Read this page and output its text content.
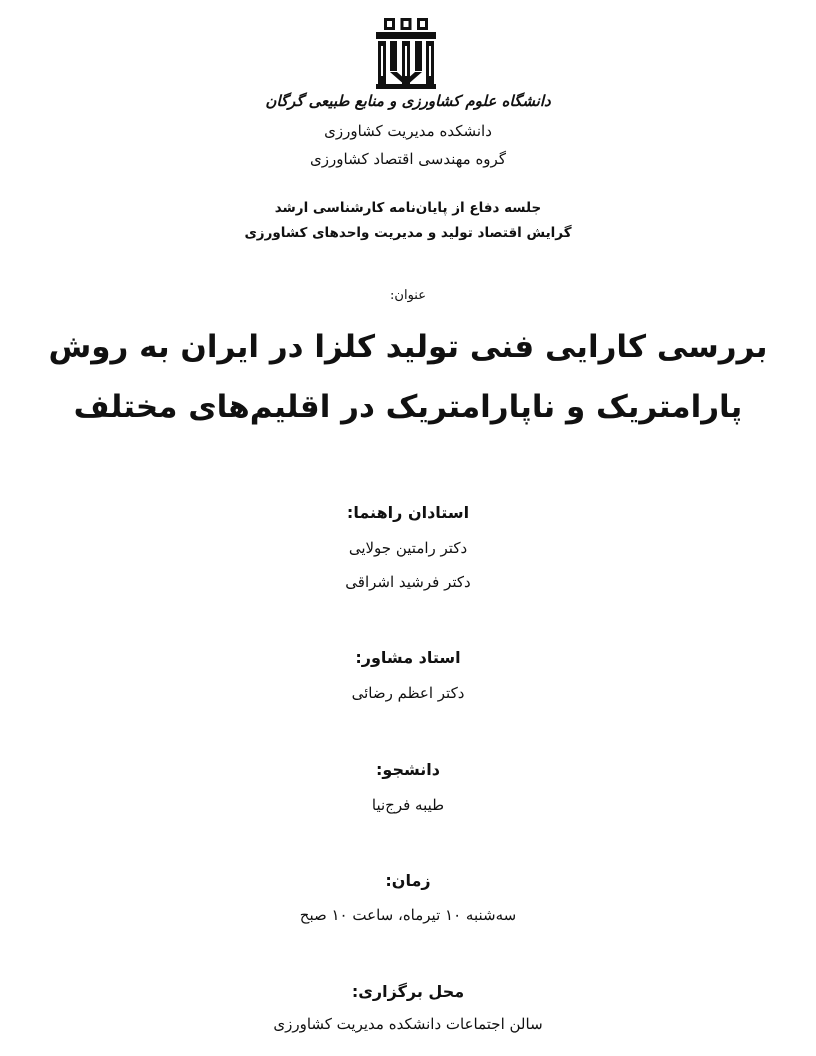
دانشگاه علوم کشاورزی و منابع طبیعی گرگان
دانشکده مدیریت کشاورزی
گروه مهندسی اقتصاد کشاورزی
جلسه دفاع از پایان‌نامه کارشناسی ارشد
گرایش اقتصاد تولید و مدیریت واحدهای کشاورزی
عنوان:
بررسی کارایی فنی تولید کلزا در ایران به روش
پارامتریک و ناپارامتریک در اقلیم‌های مختلف
استادان راهنما:
دکتر رامتین جولایی
دکتر فرشید اشراقی
استاد مشاور:
دکتر اعظم رضائی
دانشجو:
طیبه فرج‌نیا
زمان:
سه‌شنبه ۱۰ تیرماه، ساعت ۱۰ صبح
محل برگزاری:
سالن اجتماعات دانشکده مدیریت کشاورزی
